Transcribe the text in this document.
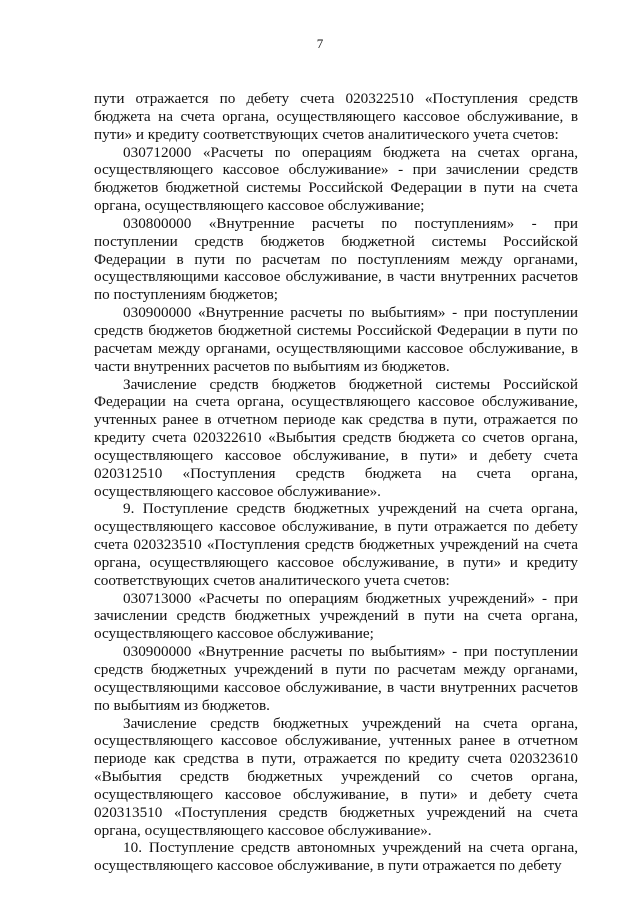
7

пути отражается по дебету счета 020322510 «Поступления средств бюджета на счета органа, осуществляющего кассовое обслуживание, в пути» и кредиту соответствующих счетов аналитического учета счетов:

030712000 «Расчеты по операциям бюджета на счетах органа, осуществляющего кассовое обслуживание» - при зачислении средств бюджетов бюджетной системы Российской Федерации в пути на счета органа, осуществляющего кассовое обслуживание;

030800000 «Внутренние расчеты по поступлениям» - при поступлении средств бюджетов бюджетной системы Российской Федерации в пути по расчетам по поступлениям между органами, осуществляющими кассовое обслуживание, в части внутренних расчетов по поступлениям бюджетов;

030900000 «Внутренние расчеты по выбытиям» - при поступлении средств бюджетов бюджетной системы Российской Федерации в пути по расчетам между органами, осуществляющими кассовое обслуживание, в части внутренних расчетов по выбытиям из бюджетов.

Зачисление средств бюджетов бюджетной системы Российской Федерации на счета органа, осуществляющего кассовое обслуживание, учтенных ранее в отчетном периоде как средства в пути, отражается по кредиту счета 020322610 «Выбытия средств бюджета со счетов органа, осуществляющего кассовое обслуживание, в пути» и дебету счета 020312510 «Поступления средств бюджета на счета органа, осуществляющего кассовое обслуживание».

9. Поступление средств бюджетных учреждений на счета органа, осуществляющего кассовое обслуживание, в пути отражается по дебету счета 020323510 «Поступления средств бюджетных учреждений на счета органа, осуществляющего кассовое обслуживание, в пути» и кредиту соответствующих счетов аналитического учета счетов:

030713000 «Расчеты по операциям бюджетных учреждений» - при зачислении средств бюджетных учреждений в пути на счета органа, осуществляющего кассовое обслуживание;

030900000 «Внутренние расчеты по выбытиям» - при поступлении средств бюджетных учреждений в пути по расчетам между органами, осуществляющими кассовое обслуживание, в части внутренних расчетов по выбытиям из бюджетов.

Зачисление средств бюджетных учреждений на счета органа, осуществляющего кассовое обслуживание, учтенных ранее в отчетном периоде как средства в пути, отражается по кредиту счета 020323610 «Выбытия средств бюджетных учреждений со счетов органа, осуществляющего кассовое обслуживание, в пути» и дебету счета 020313510 «Поступления средств бюджетных учреждений на счета органа, осуществляющего кассовое обслуживание».

10. Поступление средств автономных учреждений на счета органа, осуществляющего кассовое обслуживание, в пути отражается по дебету
